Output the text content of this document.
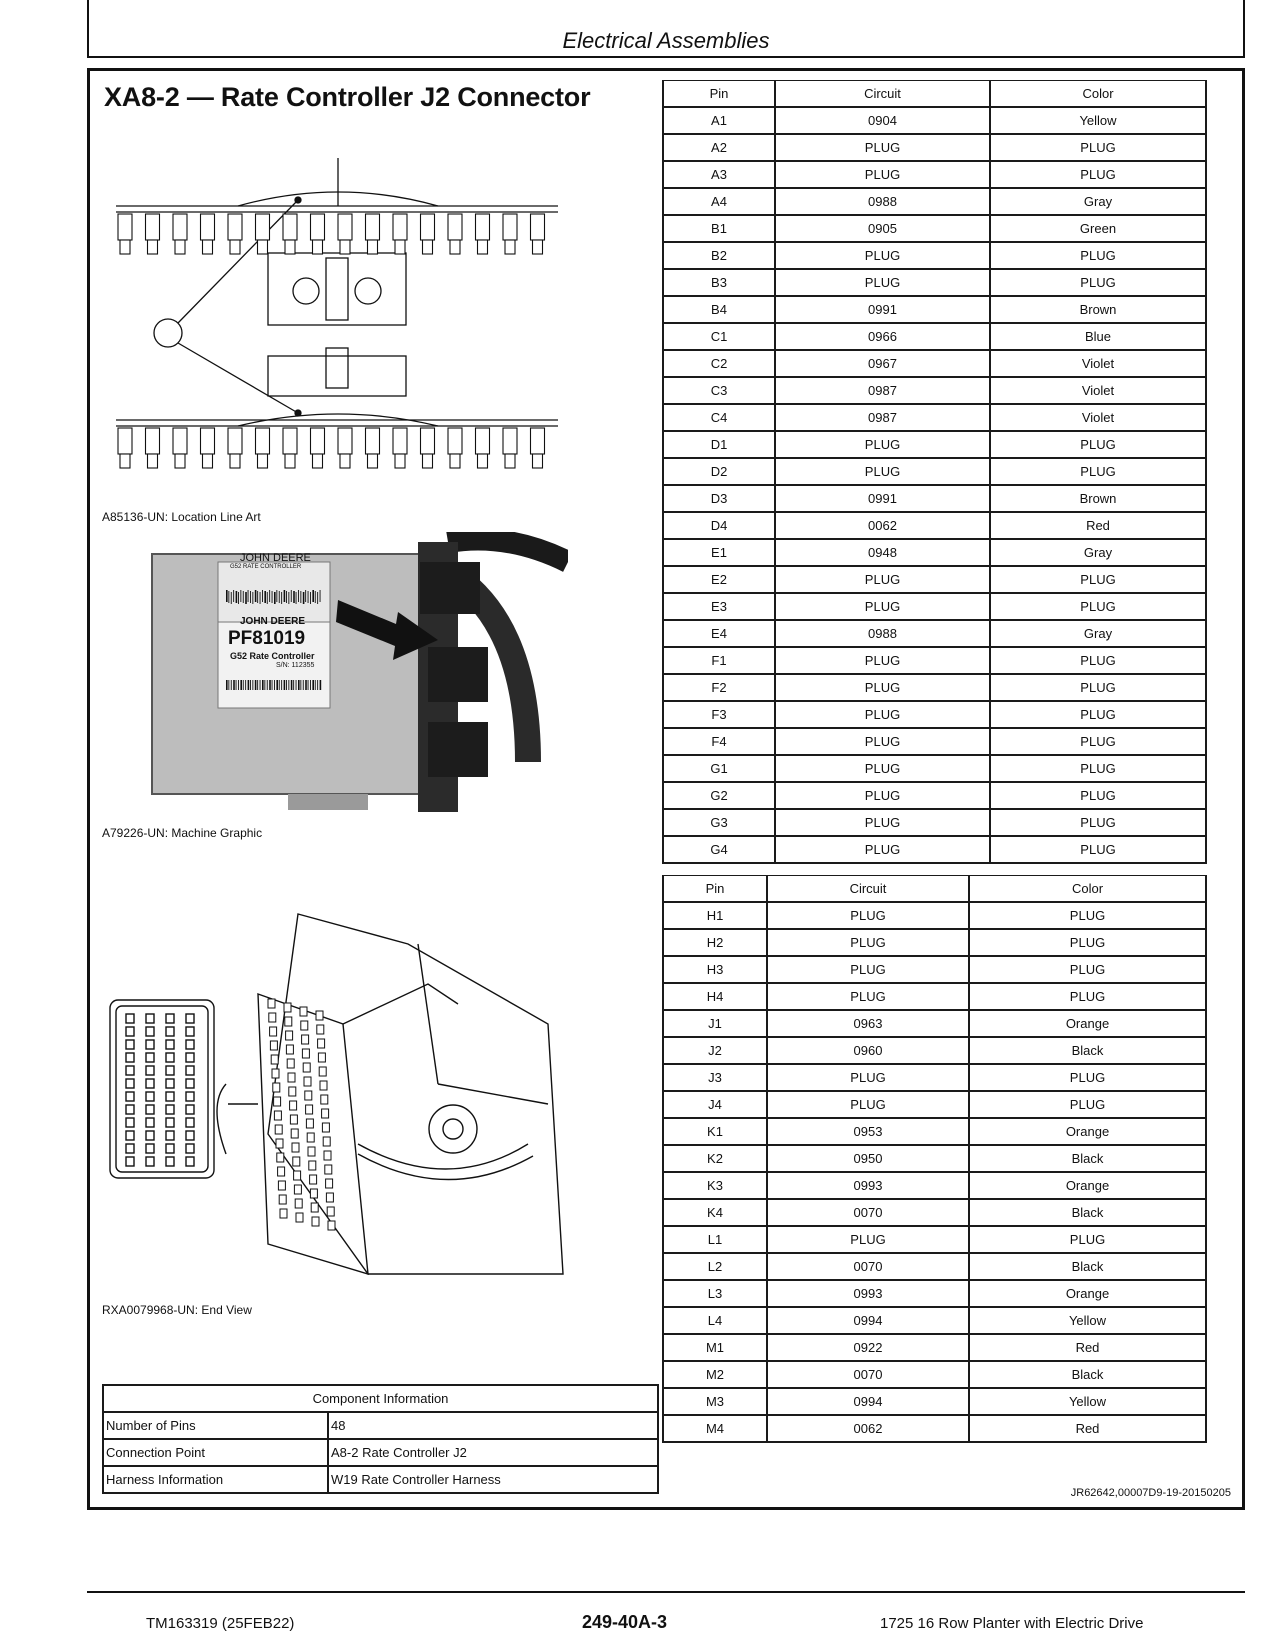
Electrical Assemblies
XA8-2 — Rate Controller J2 Connector
A85136-UN: Location Line Art
JOHN DEERE
G52 RATE CONTROLLER
JOHN DEERE
PF81019
G52 Rate Controller
S/N: 112355
A79226-UN: Machine Graphic
RXA0079968-UN: End View
Pin	Circuit	Color
A1	0904	Yellow
A2	PLUG	PLUG
A3	PLUG	PLUG
A4	0988	Gray
B1	0905	Green
B2	PLUG	PLUG
B3	PLUG	PLUG
B4	0991	Brown
C1	0966	Blue
C2	0967	Violet
C3	0987	Violet
C4	0987	Violet
D1	PLUG	PLUG
D2	PLUG	PLUG
D3	0991	Brown
D4	0062	Red
E1	0948	Gray
E2	PLUG	PLUG
E3	PLUG	PLUG
E4	0988	Gray
F1	PLUG	PLUG
F2	PLUG	PLUG
F3	PLUG	PLUG
F4	PLUG	PLUG
G1	PLUG	PLUG
G2	PLUG	PLUG
G3	PLUG	PLUG
G4	PLUG	PLUG
Pin	Circuit	Color
H1	PLUG	PLUG
H2	PLUG	PLUG
H3	PLUG	PLUG
H4	PLUG	PLUG
J1	0963	Orange
J2	0960	Black
J3	PLUG	PLUG
J4	PLUG	PLUG
K1	0953	Orange
K2	0950	Black
K3	0993	Orange
K4	0070	Black
L1	PLUG	PLUG
L2	0070	Black
L3	0993	Orange
L4	0994	Yellow
M1	0922	Red
M2	0070	Black
M3	0994	Yellow
M4	0062	Red
Component Information	
Number of Pins	48
Connection Point	A8-2 Rate Controller J2
Harness Information	W19 Rate Controller Harness
JR62642,00007D9-19-20150205
TM163319 (25FEB22)	249-40A-3	1725 16 Row Planter with Electric Drive
